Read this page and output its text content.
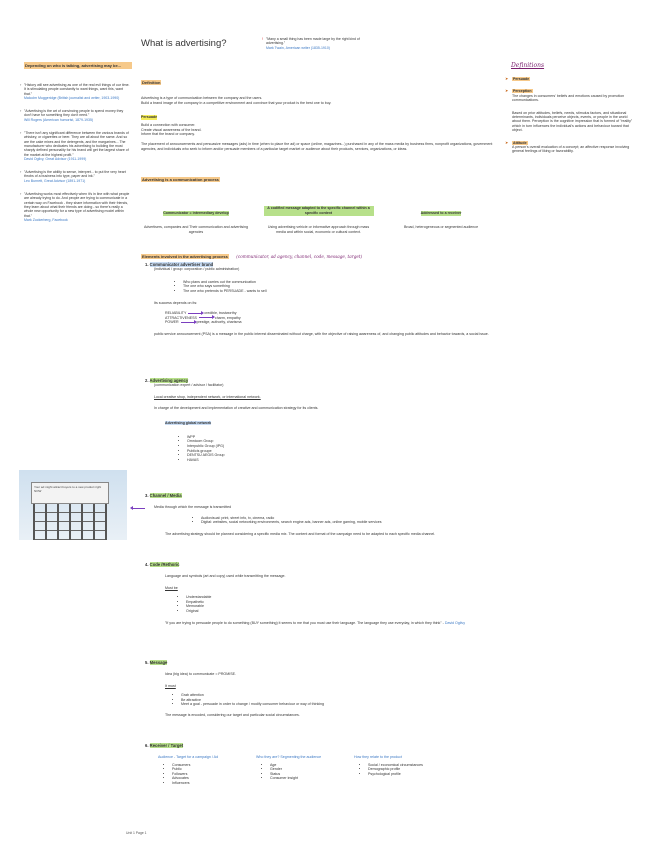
What is advertising?	! "Many a small thing has been made large by the right kind of advertising."
Mark Twain, American writer (1835-1910)
Depending on who is talking, advertising may be...
› "History will see advertising as one of the real evil things of our time. It is stimulating people constantly to want things, want this, want that."
Malcolm Muggeridge (British journalist and writer, 1903-1990)
› "Advertising is the art of convincing people to spend money they don't have for something they don't need."
Will Rogers (American humorist, 1879-1935)
› "There isn't any significant difference between the various brands of whiskey, or cigarettes or beer. They are all about the same. And so are the cake mixes and the detergents, and the margarines... The manufacturer who dedicates his advertising to building the most sharply defined personality for his brand will get the largest share of the market at the highest profit."
David Ogilvy, Great Advisor (1911-1999)
› "Advertising is the ability to sense, interpret... to put the very heart throbs of a business into type, paper and ink."
Leo Burnett, Great Advisor (1891-1971)
› "Advertising works most effectively when it's in line with what people are already trying to do. And people are trying to communicate in a certain way on Facebook - they share information with their friends, they learn about what their friends are doing - so there's really a whole new opportunity for a new type of advertising model within that."
Mark Zuckerberg, Facebook
Your ad might attract buyers to a new product right NOW
Definitions
➤ Persuade

➤ Perception
The changes in consumers' beliefs and emotions caused by promotion communications.
Based on prior attitudes, beliefs, needs, stimulus factors, and situational determinants, individuals perceive objects, events, or people in the world about them. Perception is the cognitive impression that is formed of "reality" which in turn influences the individual's actions and behaviour toward that object.
➤ Attitude
A person's overall evaluation of a concept; an affective response involving general feelings of liking or favorability.
Definition
Advertising is a type of communication between the company and the users.
Build a brand image of the company in a competitive environment and convince that your product is the best one to buy.
Persuade

Build a connection with consumer.
Create visual awareness of the brand.
Inform that the brand or company.
The placement of announcements and persuasive messages (ads) in time (when to place the ad) or space (online, magazines...) purchased in any of the mass media by business firms, nonprofit organizations, government agencies, and individuals who seek to inform and/or persuade members of a particular target market or audience about their products, services, organizations, or ideas.
Advertising is a communication process
Communicator = intermediary develop
Advertisers, companies and Their communication and advertising agencies
A codified message adapted to the specific channel within a specific context
Using advertising vehicle or informative approach through mass media and within social, economic or cultural context.
Addressed to a receiver
Broad, heterogeneous or segmented audience
Elements involved in the advertising process (communicator, ad agency, channel, code, message, target)
1. Communicator advertiser brand
(individual / group: corporation / public administration)
• Who plans and carries out the communication
• The one who says something
• The one who pretends to PERSUADE - wants to sell
Its success depends on its:
RELIABILITY	credible, trustworthy
ATTRACTIVENESS	charm, empathy
POWER	prestige, authority, charisma
public service announcement (PSA) is a message in the public interest disseminated without charge, with the objective of raising awareness of, and changing public attitudes and behavior towards, a social issue.
2. Advertising agency
(communication expert / advisor / facilitator)
Local creative shop, independent network, or international network.
In charge of the development and implementation of creative and communication strategy for its clients.
Advertising global network
• WPP
• Omnicom Group
• Interpublic Group (IPG)
• Publicis groupe
• DENTSU AEGIS Group
• HAVAS
3. Channel / Media
Media through which the message is transmitted
• Audiovisual: print, street info, tv, cinema, radio
• Digital: websites, social networking environments, search engine ads, banner ads, online gaming, mobile services
The advertising strategy should be planned considering a specific media mix. The content and format of the campaign need to be adapted to each specific media channel.
4. Code /Rethoric
Language and symbols (art and copy) used while transmitting the message.
Must be
• Understandable
• Empathetic
• Memorable
• Original
"If you are trying to persuade people to do something (BUY something) it seems to me that you must use their language. The language they use everyday, in which they think" - David Ogilvy
5. Message
Idea (big idea) to communicate = PROMISE.
It must
• Grab attention
• Be attractive
• Meet a goal - persuade in order to change / modify consumer behaviour or way of thinking
The message is encoded, considering our target and particular social circumstances.
6. Receiver / Target
Audience - Target for a campaign / Ad
• Consumers
• Public
• Followers
• Advocates
• Influencers
Who they are? Segmenting the audience
• Age
• Gender
• Status
• Consumer insight
How they relate to the product
• Social / economical circumstances
• Demographic profile
• Psychological profile
Unit 1 Page 1
